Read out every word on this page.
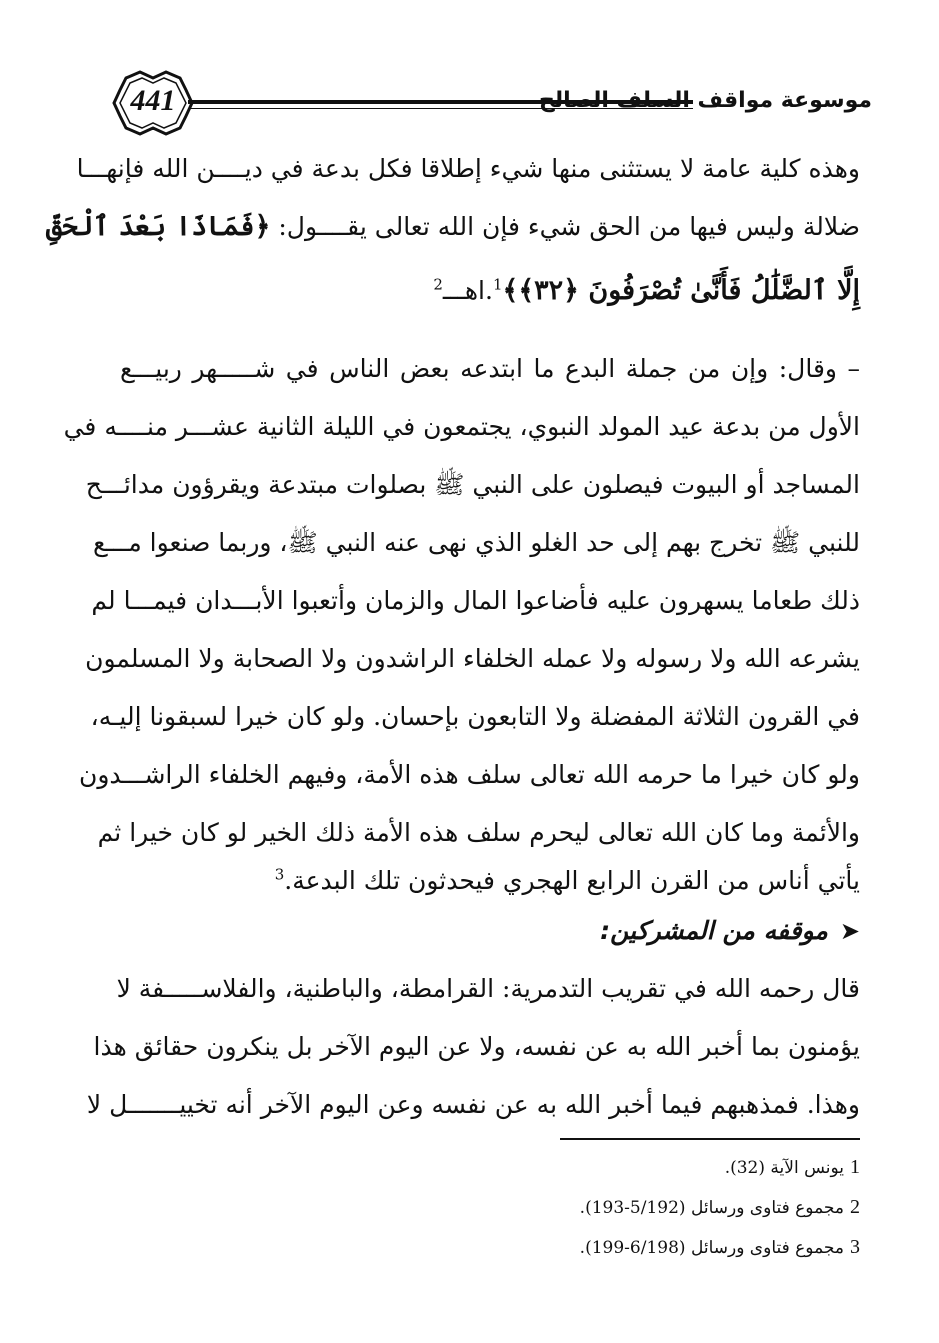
441	موسوعة مواقف السلف الصالح
وهذه كلية عامة لا يستثنى منها شيء إطلاقا فكل بدعة في ديــــن الله فإنهـــا
ضلالة وليس فيها من الحق شيء فإن الله تعالى يقــــول: ﴿فَمَاذَا بَعْدَ ٱلْحَقِّ
إِلَّا ٱلضَّلَٰلُ فَأَنَّىٰ تُصْرَفُونَ ﴿٣٢﴾﴾$^1$.اهـــ$^2$
– وقال: وإن من جملة البدع ما ابتدعه بعض الناس في شـــــهر ربيـــع
الأول من بدعة عيد المولد النبوي، يجتمعون في الليلة الثانية عشـــر منــــه في
المساجد أو البيوت فيصلون على النبي ﷺ بصلوات مبتدعة ويقرؤون مدائـــح
للنبي ﷺ تخرج بهم إلى حد الغلو الذي نهى عنه النبي ﷺ، وربما صنعوا مـــع
ذلك طعاما يسهرون عليه فأضاعوا المال والزمان وأتعبوا الأبـــدان فيمـــا لم
يشرعه الله ولا رسوله ولا عمله الخلفاء الراشدون ولا الصحابة ولا المسلمون
في القرون الثلاثة المفضلة ولا التابعون بإحسان. ولو كان خيرا لسبقونا إليـه،
ولو كان خيرا ما حرمه الله تعالى سلف هذه الأمة، وفيهم الخلفاء الراشـــدون
والأئمة وما كان الله تعالى ليحرم سلف هذه الأمة ذلك الخير لو كان خيرا ثم
يأتي أناس من القرن الرابع الهجري فيحدثون تلك البدعة.$^3$
➤موقفه من المشركين:
قال رحمه الله في تقريب التدمرية: القرامطة، والباطنية، والفلاســـــفة لا
يؤمنون بما أخبر الله به عن نفسه، ولا عن اليوم الآخر بل ينكرون حقائق هذا
وهذا. فمذهبهم فيما أخبر الله به عن نفسه وعن اليوم الآخر أنه تخييـــــــل لا
1يونس الآية (32).
2مجموع فتاوى ورسائل (5/192-193).
3مجموع فتاوى ورسائل (6/198-199).
